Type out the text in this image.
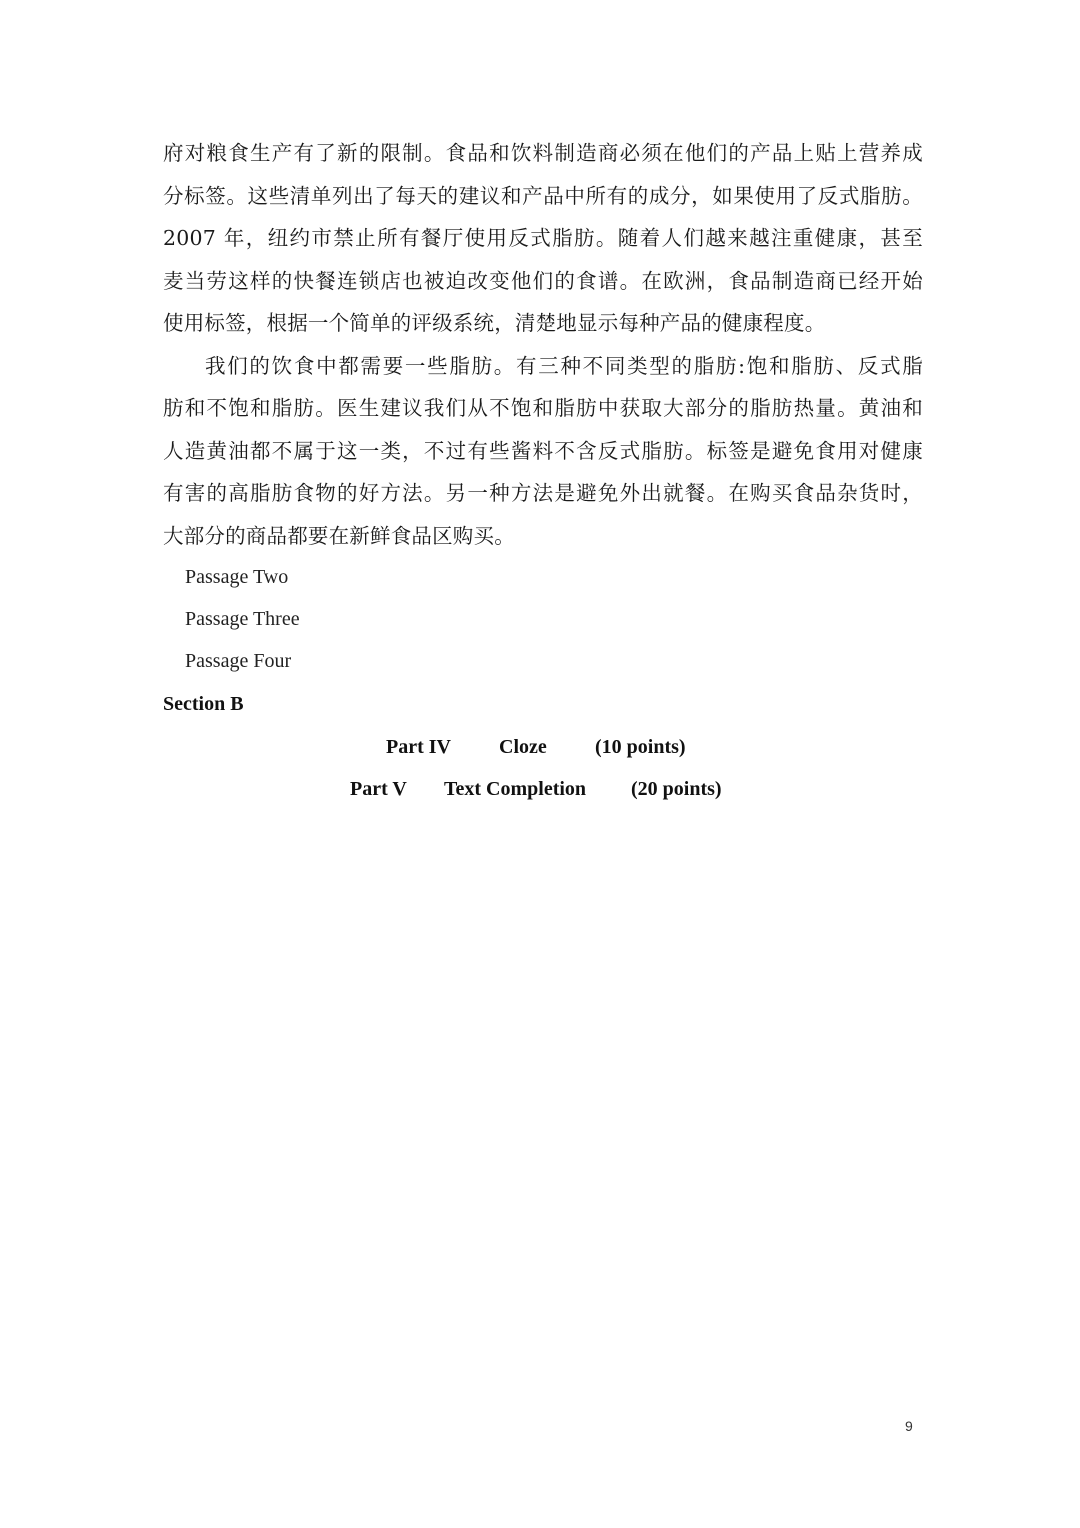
府对粮食生产有了新的限制。食品和饮料制造商必须在他们的产品上贴上营养成
分标签。这些清单列出了每天的建议和产品中所有的成分，如果使用了反式脂肪。
2007 年，纽约市禁止所有餐厅使用反式脂肪。随着人们越来越注重健康，甚至
麦当劳这样的快餐连锁店也被迫改变他们的食谱。在欧洲，食品制造商已经开始
使用标签，根据一个简单的评级系统，清楚地显示每种产品的健康程度。
我们的饮食中都需要一些脂肪。有三种不同类型的脂肪:饱和脂肪、反式脂
肪和不饱和脂肪。医生建议我们从不饱和脂肪中获取大部分的脂肪热量。黄油和
人造黄油都不属于这一类，不过有些酱料不含反式脂肪。标签是避免食用对健康
有害的高脂肪食物的好方法。另一种方法是避免外出就餐。在购买食品杂货时，
大部分的商品都要在新鲜食品区购买。
Passage Two
Passage Three
Passage Four
Section B
Part IV Cloze (10 points)
Part V Text Completion (20 points)
9
